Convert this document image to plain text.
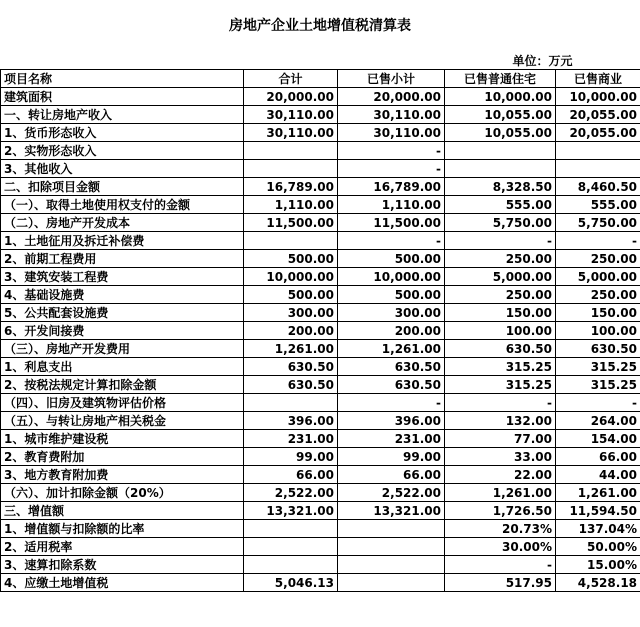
房地产企业土地增值税清算表
			单位：万元	
项目名称	合计	已售小计	已售普通住宅	已售商业
建筑面积	20,000.00	20,000.00	10,000.00	10,000.00
一、转让房地产收入	30,110.00	30,110.00	10,055.00	20,055.00
1、货币形态收入	30,110.00	30,110.00	10,055.00	20,055.00
2、实物形态收入		-		
3、其他收入		-		
二、扣除项目金额	16,789.00	16,789.00	8,328.50	8,460.50
（一）、取得土地使用权支付的金额	1,110.00	1,110.00	555.00	555.00
（二）、房地产开发成本	11,500.00	11,500.00	5,750.00	5,750.00
1、土地征用及拆迁补偿费		-	-	-
2、前期工程费用	500.00	500.00	250.00	250.00
3、建筑安装工程费	10,000.00	10,000.00	5,000.00	5,000.00
4、基础设施费	500.00	500.00	250.00	250.00
5、公共配套设施费	300.00	300.00	150.00	150.00
6、开发间接费	200.00	200.00	100.00	100.00
（三）、房地产开发费用	1,261.00	1,261.00	630.50	630.50
1、利息支出	630.50	630.50	315.25	315.25
2、按税法规定计算扣除金额	630.50	630.50	315.25	315.25
（四）、旧房及建筑物评估价格		-	-	-
（五）、与转让房地产相关税金	396.00	396.00	132.00	264.00
1、城市维护建设税	231.00	231.00	77.00	154.00
2、教育费附加	99.00	99.00	33.00	66.00
3、地方教育附加费	66.00	66.00	22.00	44.00
（六）、加计扣除金额（20%）	2,522.00	2,522.00	1,261.00	1,261.00
三、增值额	13,321.00	13,321.00	1,726.50	11,594.50
1、增值额与扣除额的比率			20.73%	137.04%
2、适用税率			30.00%	50.00%
3、速算扣除系数			-	15.00%
4、应缴土地增值税	5,046.13		517.95	4,528.18
